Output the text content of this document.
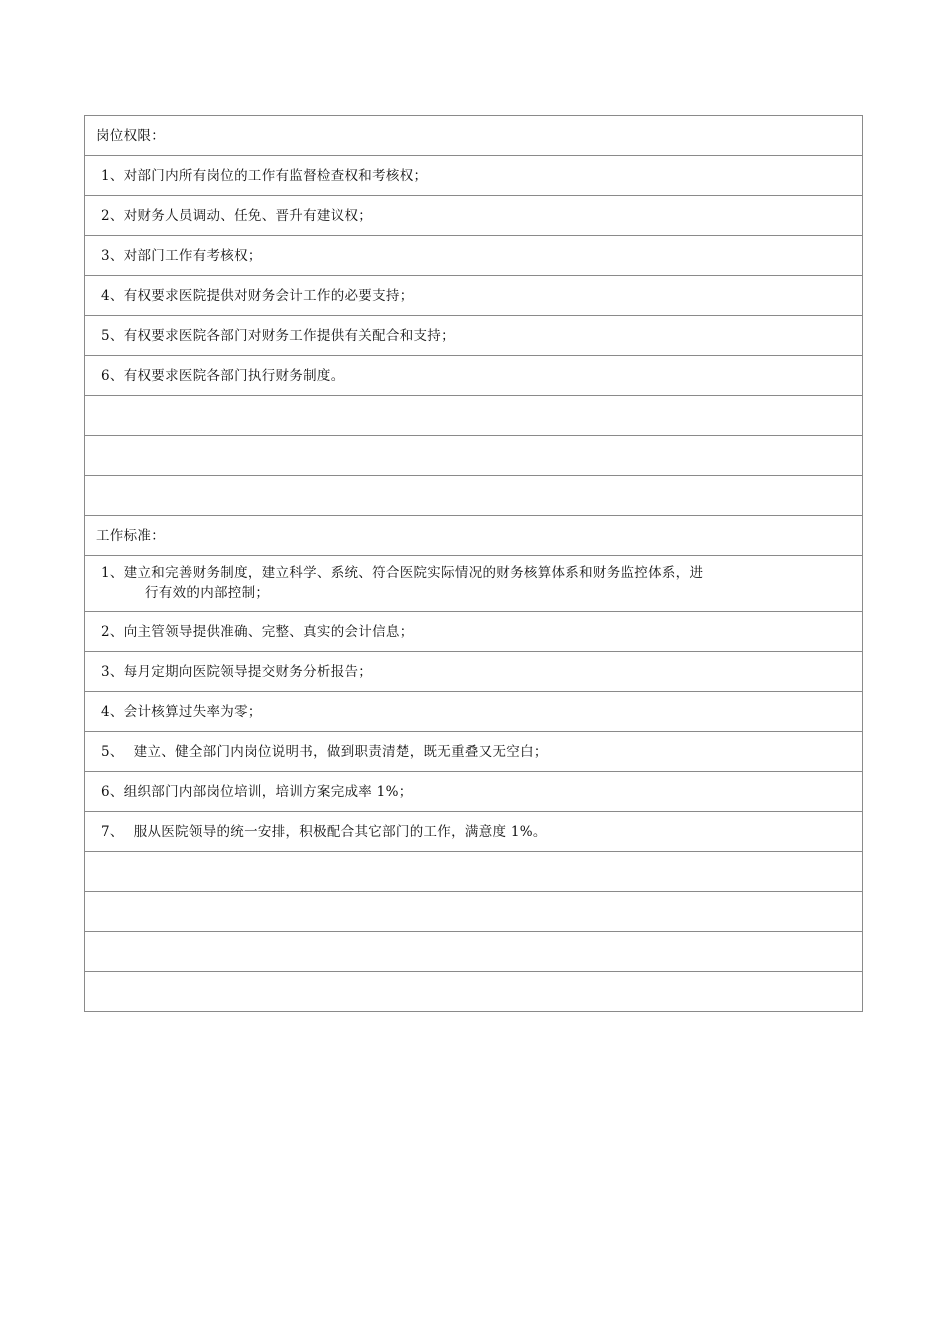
岗位权限：
1、对部门内所有岗位的工作有监督检查权和考核权；
2、对财务人员调动、任免、晋升有建议权；
3、对部门工作有考核权；
4、有权要求医院提供对财务会计工作的必要支持；
5、有权要求医院各部门对财务工作提供有关配合和支持；
6、有权要求医院各部门执行财务制度。

工作标准：

1、建立和完善财务制度，建立科学、系统、符合医院实际情况的财务核算体系和财务监控体系，进
行有效的内部控制；

2、向主管领导提供准确、完整、真实的会计信息；
3、每月定期向医院领导提交财务分析报告；
4、会计核算过失率为零；
5、 建立、健全部门内岗位说明书，做到职责清楚，既无重叠又无空白；
6、组织部门内部岗位培训，培训方案完成率 1%；
7、 服从医院领导的统一安排，积极配合其它部门的工作，满意度 1%。
